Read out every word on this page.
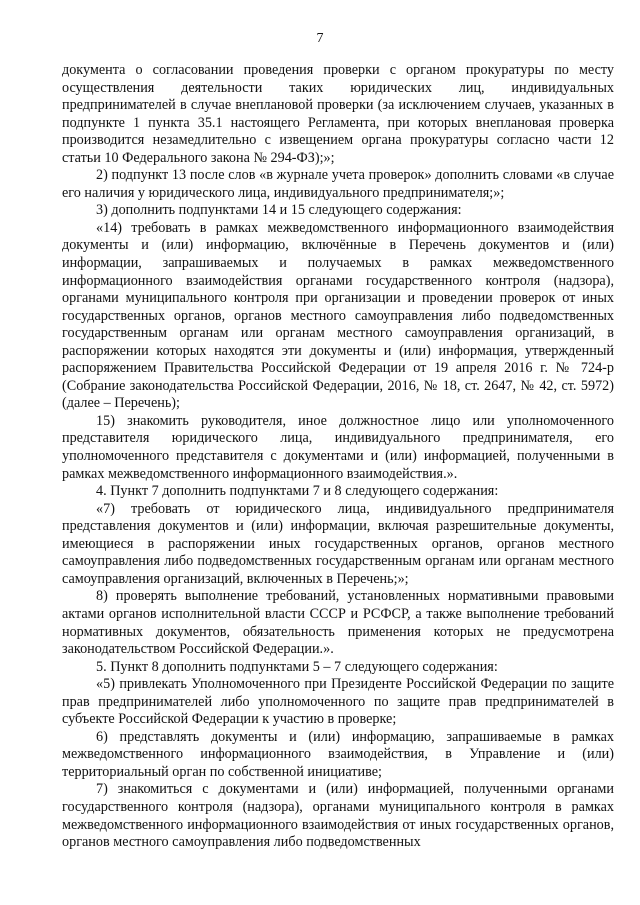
7

документа о согласовании проведения проверки с органом прокуратуры по месту осуществления деятельности таких юридических лиц, индивидуальных предпринимателей в случае внеплановой проверки (за исключением случаев, указанных в подпункте 1 пункта 35.1 настоящего Регламента, при которых внеплановая проверка производится незамедлительно с извещением органа прокуратуры согласно части 12 статьи 10 Федерального закона № 294-ФЗ);»;

2) подпункт 13 после слов «в журнале учета проверок» дополнить словами «в случае его наличия у юридического лица, индивидуального предпринимателя;»;

3) дополнить подпунктами 14 и 15 следующего содержания:

«14) требовать в рамках межведомственного информационного взаимодействия документы и (или) информацию, включённые в Перечень документов и (или) информации, запрашиваемых и получаемых в рамках межведомственного информационного взаимодействия органами государственного контроля (надзора), органами муниципального контроля при организации и проведении проверок от иных государственных органов, органов местного самоуправления либо подведомственных государственным органам или органам местного самоуправления организаций, в распоряжении которых находятся эти документы и (или) информация, утвержденный распоряжением Правительства Российской Федерации от 19 апреля 2016 г. № 724-р (Собрание законодательства Российской Федерации, 2016, № 18, ст. 2647, № 42, ст. 5972) (далее – Перечень);

15) знакомить руководителя, иное должностное лицо или уполномоченного представителя юридического лица, индивидуального предпринимателя, его уполномоченного представителя с документами и (или) информацией, полученными в рамках межведомственного информационного взаимодействия.».

4. Пункт 7 дополнить подпунктами 7 и 8 следующего содержания:

«7) требовать от юридического лица, индивидуального предпринимателя представления документов и (или) информации, включая разрешительные документы, имеющиеся в распоряжении иных государственных органов, органов местного самоуправления либо подведомственных государственным органам или органам местного самоуправления организаций, включенных в Перечень;»;

8) проверять выполнение требований, установленных нормативными правовыми актами органов исполнительной власти СССР и РСФСР, а также выполнение требований нормативных документов, обязательность применения которых не предусмотрена законодательством Российской Федерации.».

5. Пункт 8 дополнить подпунктами 5 – 7 следующего содержания:

«5) привлекать Уполномоченного при Президенте Российской Федерации по защите прав предпринимателей либо уполномоченного по защите прав предпринимателей в субъекте Российской Федерации к участию в проверке;

6) представлять документы и (или) информацию, запрашиваемые в рамках межведомственного информационного взаимодействия, в Управление и (или) территориальный орган по собственной инициативе;

7) знакомиться с документами и (или) информацией, полученными органами государственного контроля (надзора), органами муниципального контроля в рамках межведомственного информационного взаимодействия от иных государственных органов, органов местного самоуправления либо подведомственных
